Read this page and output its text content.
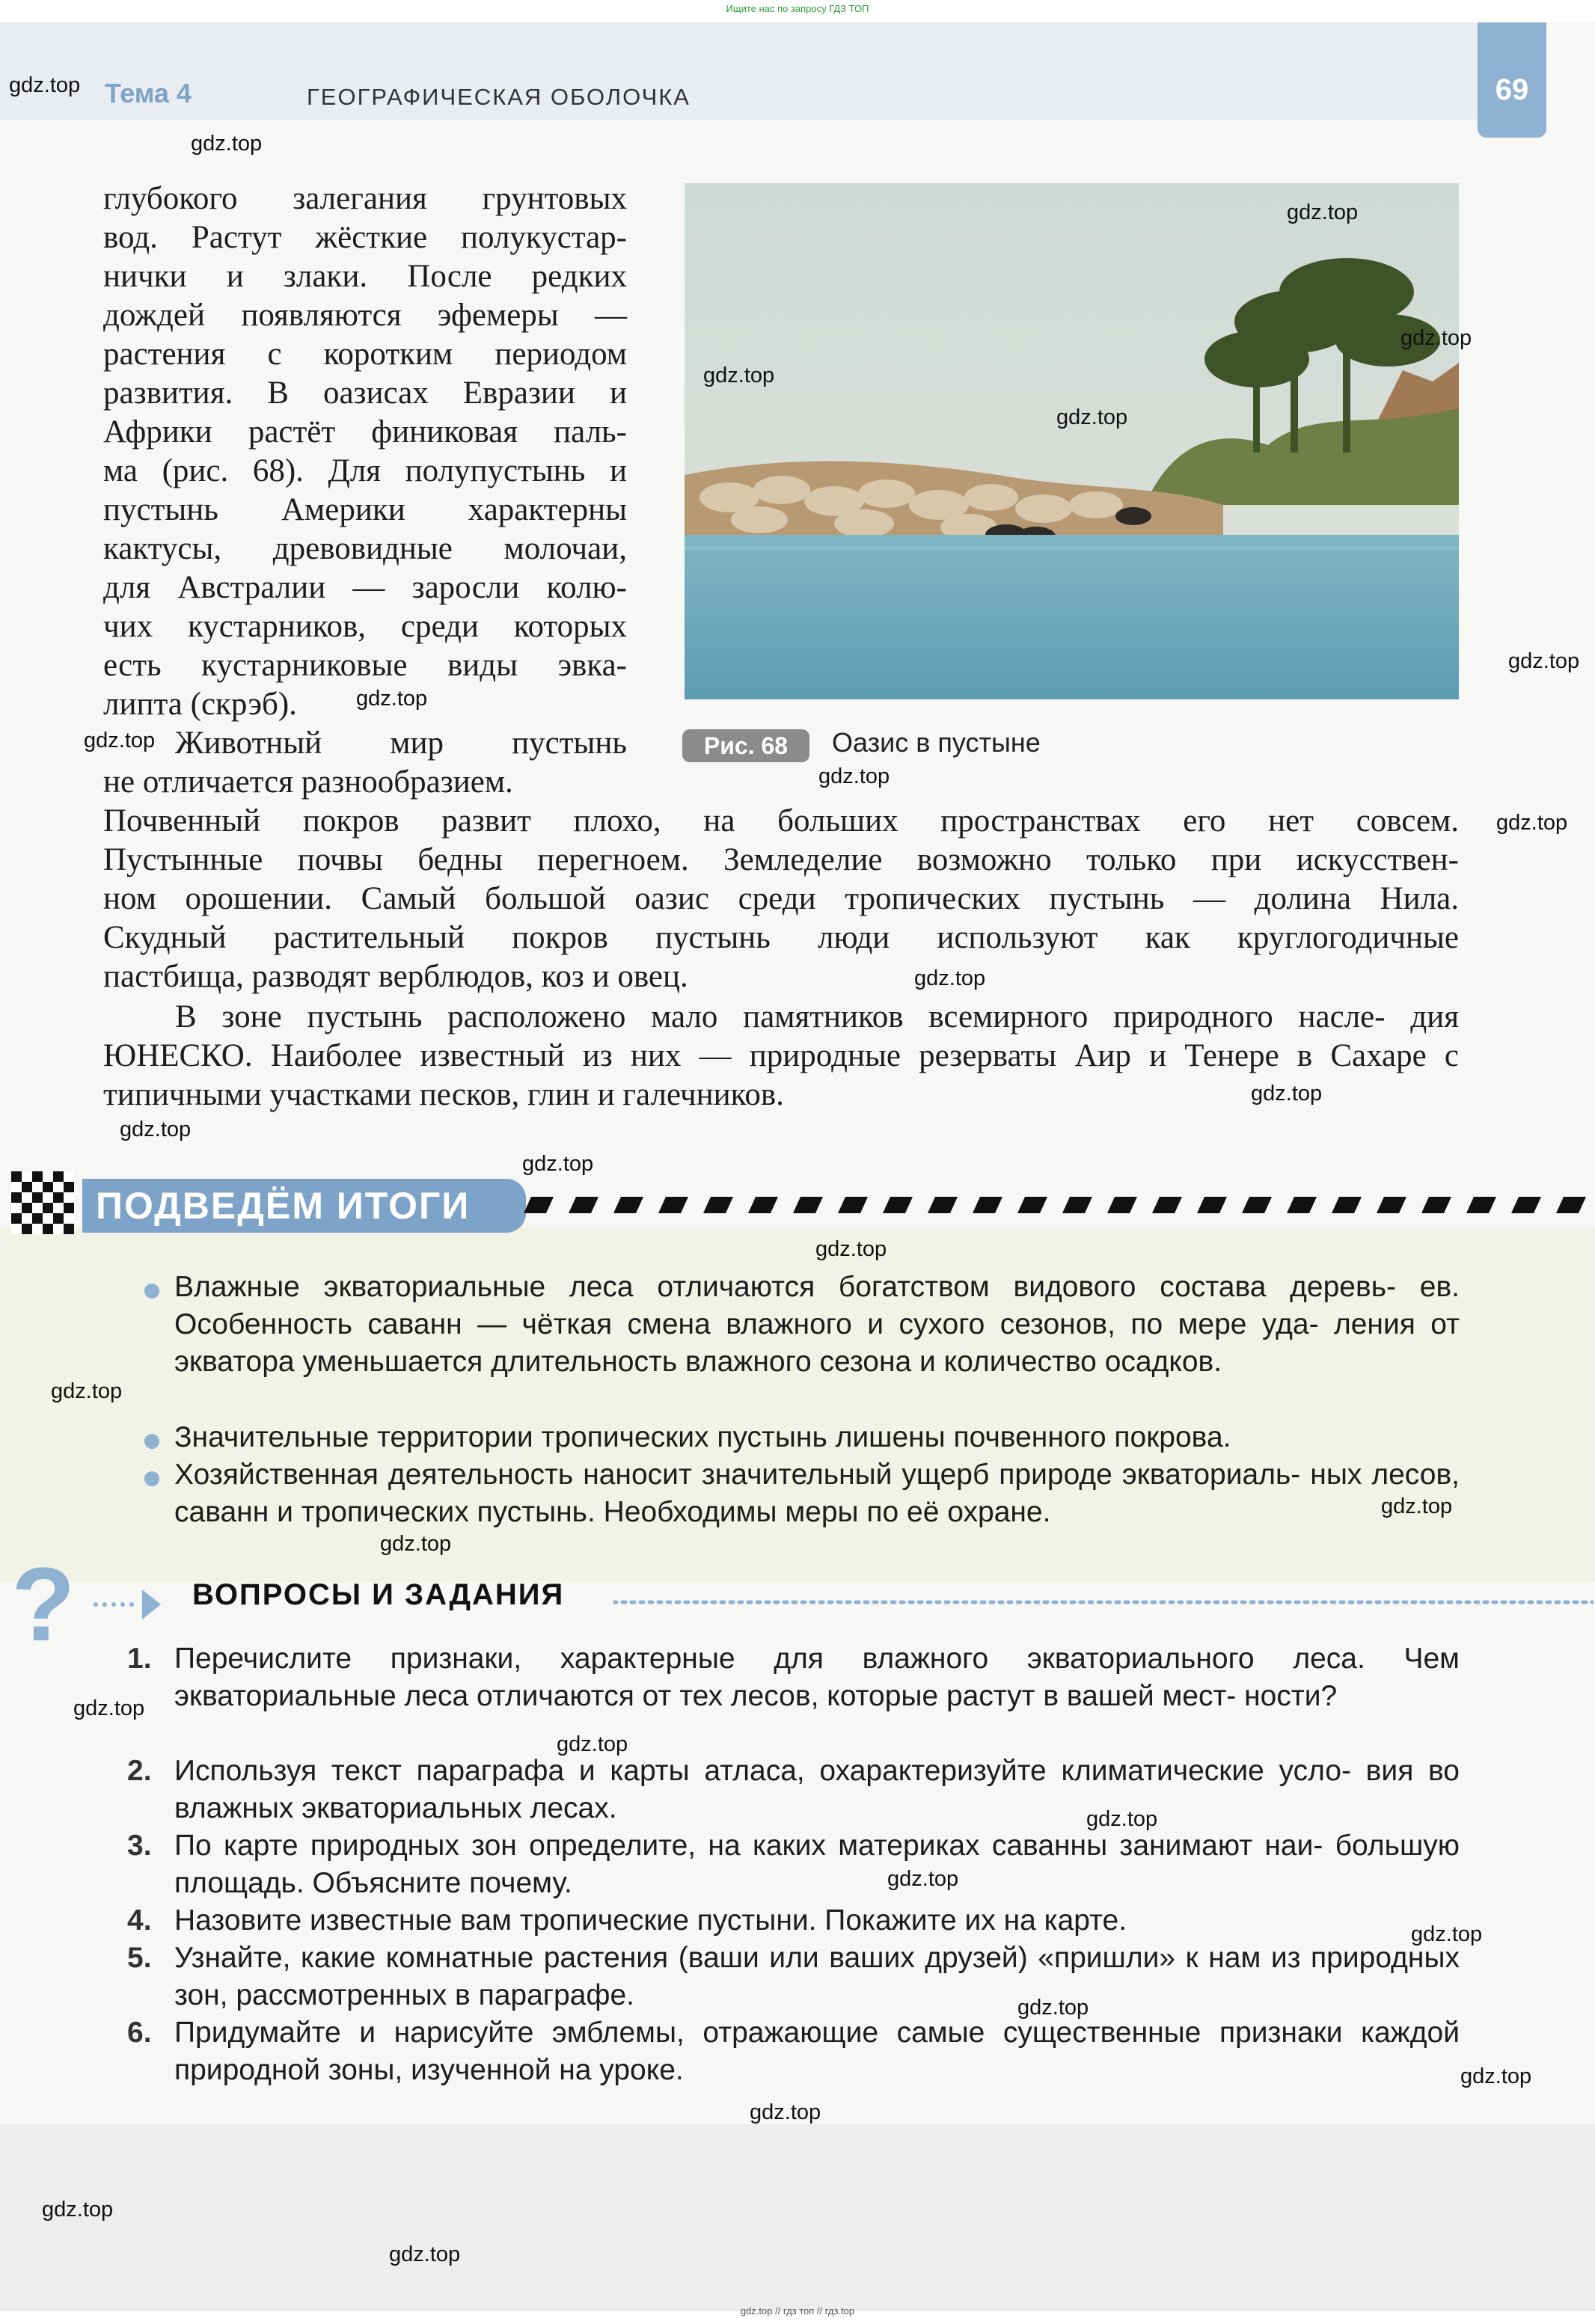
Ищите нас по запросу ГДЗ ТОП
Тема 4	ГЕОГРАФИЧЕСКАЯ ОБОЛОЧКА	69
глубокого залегания грунтовых
вод. Растут жёсткие полукустар-
нички и злаки. После редких
дождей появляются эфемеры —
растения с коротким периодом
развития. В оазисах Евразии и
Африки растёт финиковая паль-
ма (рис. 68). Для полупустынь и
пустынь Америки характерны
кактусы, древовидные молочаи,
для Австралии — заросли колю-
чих кустарников, среди которых
есть кустарниковые виды эвка-
липта (скрэб).
Животный мир пустынь
не отличается разнообразием.
Рис. 68	Оазис в пустыне
Почвенный покров развит плохо, на больших пространствах его нет совсем.
Пустынные почвы бедны перегноем. Земледелие возможно только при искусствен-
ном орошении. Самый большой оазис среди тропических пустынь — долина Нила.
Скудный растительный покров пустынь люди используют как круглогодичные
пастбища, разводят верблюдов, коз и овец.
В зоне пустынь расположено мало памятников всемирного природного насле- дия ЮНЕСКО. Наиболее известный из них — природные резерваты Аир и Тенере в Сахаре с типичными участками песков, глин и галечников.
ПОДВЕДЁМ ИТОГИ
Влажные экваториальные леса отличаются богатством видового состава деревь- ев. Особенность саванн — чёткая смена влажного и сухого сезонов, по мере уда- ления от экватора уменьшается длительность влажного сезона и количество осадков.
Значительные территории тропических пустынь лишены почвенного покрова.
Хозяйственная деятельность наносит значительный ущерб природе экваториаль- ных лесов, саванн и тропических пустынь. Необходимы меры по её охране.
?	ВОПРОСЫ И ЗАДАНИЯ
1. Перечислите признаки, характерные для влажного экваториального леса. Чем экваториальные леса отличаются от тех лесов, которые растут в вашей мест- ности?
2. Используя текст параграфа и карты атласа, охарактеризуйте климатические усло- вия во влажных экваториальных лесах.
3. По карте природных зон определите, на каких материках саванны занимают наи- большую площадь. Объясните почему.
4. Назовите известные вам тропические пустыни. Покажите их на карте.
5. Узнайте, какие комнатные растения (ваши или ваших друзей) «пришли» к нам из природных зон, рассмотренных в параграфе.
6. Придумайте и нарисуйте эмблемы, отражающие самые существенные признаки каждой природной зоны, изученной на уроке.
gdz.top
gdz.top
gdz.top
gdz.top
gdz.top
gdz.top
gdz.top
gdz.top
gdz.top
gdz.top
gdz.top
gdz.top
gdz.top
gdz.top
gdz.top
gdz.top
gdz.top
gdz.top
gdz.top
gdz.top
gdz.top
gdz.top
gdz.top
gdz.top
gdz.top
gdz.top
gdz.top
gdz.top
gdz.top
gdz.top // гдз топ // гдз.top
